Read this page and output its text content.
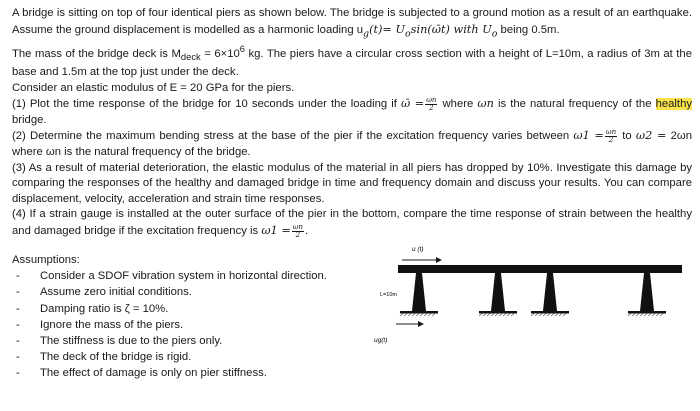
A bridge is sitting on top of four identical piers as shown below. The bridge is subjected to a ground motion as a result of an earthquake. Assume the ground displacement is modelled as a harmonic loading $u_g(t)=$ $U_o\sin(\omegāt)$ with $U_o$ being 0.5m.

The mass of the bridge deck is $M_{deck} = 6\times 10^6$ kg. The piers have a circular cross section with a height of L=10m, a radius of 3m at the base and 1.5m at the top just under the deck.

Consider an elastic modulus of E = 20 GPa for the piers.

(1) Plot the time response of the bridge for 10 seconds under the loading if ω̄ = $\frac{\omega n}{2}$ where ωn is the natural frequency of the healthy bridge.

(2) Determine the maximum bending stress at the base of the pier if the excitation frequency varies between $\omega 1 = \frac{\omega n}{2}$ to ω2 = 2ωn where ωn is the natural frequency of the bridge.

(3) As a result of material deterioration, the elastic modulus of the material in all piers has dropped by 10%. Investigate this damage by comparing the responses of the healthy and damaged bridge in time and frequency domain and discuss your results. You can compare displacement, velocity, acceleration and strain time responses.

(4) If a strain gauge is installed at the outer surface of the pier in the bottom, compare the time response of strain between the healthy and damaged bridge if the excitation frequency is $\omega 1 = \frac{\omega n}{2}$ .

Assumptions:
- Consider a SDOF vibration system in horizontal direction.
- Assume zero initial conditions.
- Damping ratio is ζ = 10%.
- Ignore the mass of the piers.
- The stiffness is due to the piers only.
- The deck of the bridge is rigid.
- The effect of damage is only on pier stiffness.
u (t)
L=10m
ug(t)
